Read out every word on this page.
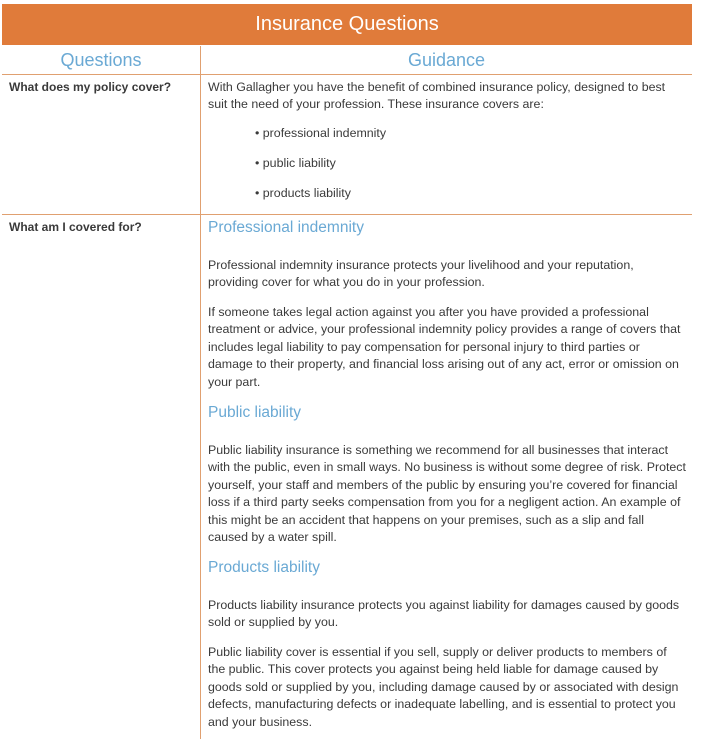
Insurance Questions
Questions	Guidance
What does my policy cover?	With Gallagher you have the benefit of combined insurance policy, designed to best suit the need of your profession. These insurance covers are:

• professional indemnity
• public liability
• products liability
What am I covered for?	Professional indemnity

Professional indemnity insurance protects your livelihood and your reputation, providing cover for what you do in your profession.

If someone takes legal action against you after you have provided a professional treatment or advice, your professional indemnity policy provides a range of covers that includes legal liability to pay compensation for personal injury to third parties or damage to their property, and financial loss arising out of any act, error or omission on your part.

Public liability

Public liability insurance is something we recommend for all businesses that interact with the public, even in small ways. No business is without some degree of risk. Protect yourself, your staff and members of the public by ensuring you’re covered for financial loss if a third party seeks compensation from you for a negligent action. An example of this might be an accident that happens on your premises, such as a slip and fall caused by a water spill.

Products liability

Products liability insurance protects you against liability for damages caused by goods sold or supplied by you.

Public liability cover is essential if you sell, supply or deliver products to members of the public. This cover protects you against being held liable for damage caused by goods sold or supplied by you, including damage caused by or associated with design defects, manufacturing defects or inadequate labelling, and is essential to protect you and your business.
